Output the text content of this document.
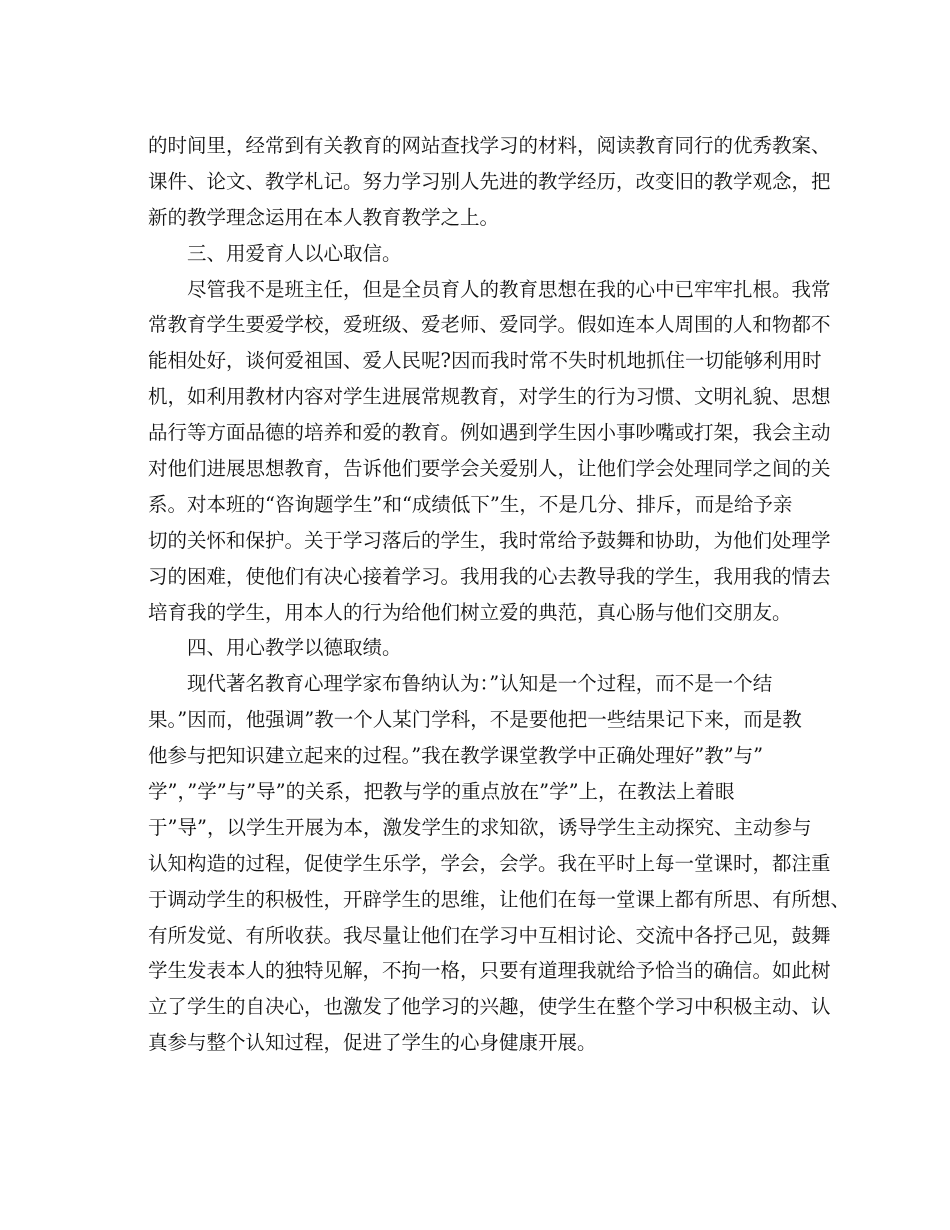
的时间里，经常到有关教育的网站查找学习的材料，阅读教育同行的优秀教案、
课件、论文、教学札记。努力学习别人先进的教学经历，改变旧的教学观念，把
新的教学理念运用在本人教育教学之上。
三、用爱育人以心取信。
尽管我不是班主任，但是全员育人的教育思想在我的心中已牢牢扎根。我常
常教育学生要爱学校，爱班级、爱老师、爱同学。假如连本人周围的人和物都不
能相处好，谈何爱祖国、爱人民呢?因而我时常不失时机地抓住一切能够利用时
机，如利用教材内容对学生进展常规教育，对学生的行为习惯、文明礼貌、思想
品行等方面品德的培养和爱的教育。例如遇到学生因小事吵嘴或打架，我会主动
对他们进展思想教育，告诉他们要学会关爱别人，让他们学会处理同学之间的关
系。对本班的“咨询题学生”和“成绩低下”生，不是几分、排斥，而是给予亲
切的关怀和保护。关于学习落后的学生，我时常给予鼓舞和协助，为他们处理学
习的困难，使他们有决心接着学习。我用我的心去教导我的学生，我用我的情去
培育我的学生，用本人的行为给他们树立爱的典范，真心肠与他们交朋友。
四、用心教学以德取绩。
现代著名教育心理学家布鲁纳认为：”认知是一个过程，而不是一个结
果。”因而，他强调”教一个人某门学科，不是要他把一些结果记下来，而是教
他参与把知识建立起来的过程。”我在教学课堂教学中正确处理好”教”与”
学”，”学”与”导”的关系，把教与学的重点放在”学”上，在教法上着眼
于”导”，以学生开展为本，激发学生的求知欲，诱导学生主动探究、主动参与
认知构造的过程，促使学生乐学，学会，会学。我在平时上每一堂课时，都注重
于调动学生的积极性，开辟学生的思维，让他们在每一堂课上都有所思、有所想、
有所发觉、有所收获。我尽量让他们在学习中互相讨论、交流中各抒己见，鼓舞
学生发表本人的独特见解，不拘一格，只要有道理我就给予恰当的确信。如此树
立了学生的自决心，也激发了他学习的兴趣，使学生在整个学习中积极主动、认
真参与整个认知过程，促进了学生的心身健康开展。
